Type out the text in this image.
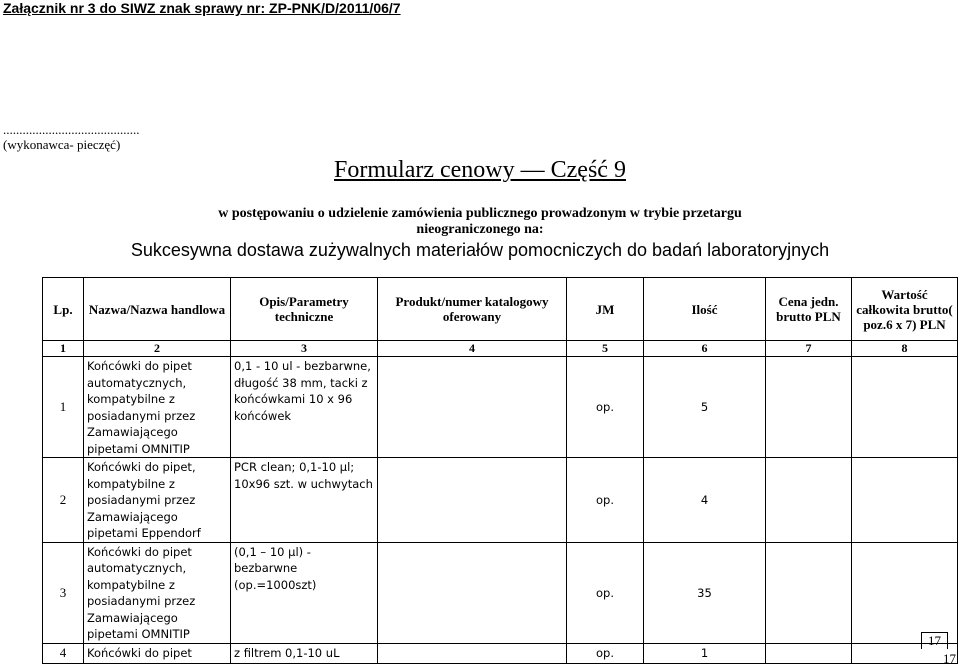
Załącznik nr 3 do SIWZ znak sprawy nr: ZP-PNK/D/2011/06/7
..........................................
(wykonawca- pieczęć)
Formularz cenowy — Część 9
w postępowaniu o udzielenie zamówienia publicznego prowadzonym w trybie przetargu
nieograniczonego na:
Sukcesywna dostawa zużywalnych materiałów pomocniczych do badań laboratoryjnych
Lp.	Nazwa/Nazwa handlowa	Opis/Parametry techniczne	Produkt/numer katalogowy oferowany	JM	Ilość	Cena jedn. brutto PLN	Wartość całkowita brutto( poz.6 x 7) PLN
1	2	3	4	5	6	7	8
1	Końcówki do pipet automatycznych, kompatybilne z posiadanymi przez Zamawiającego pipetami OMNITIP	0,1 - 10 ul - bezbarwne, długość 38 mm, tacki z końcówkami 10 x 96 końcówek		op.	5		
2	Końcówki do pipet, kompatybilne z posiadanymi przez Zamawiającego pipetami Eppendorf	PCR clean; 0,1-10 µl; 10x96 szt. w uchwytach		op.	4		
3	Końcówki do pipet automatycznych, kompatybilne z posiadanymi przez Zamawiającego pipetami OMNITIP	(0,1 – 10 µl) - bezbarwne (op.=1000szt)		op.	35		
4	Końcówki do pipet	z filtrem 0,1-10 uL		op.	1		
17
17
